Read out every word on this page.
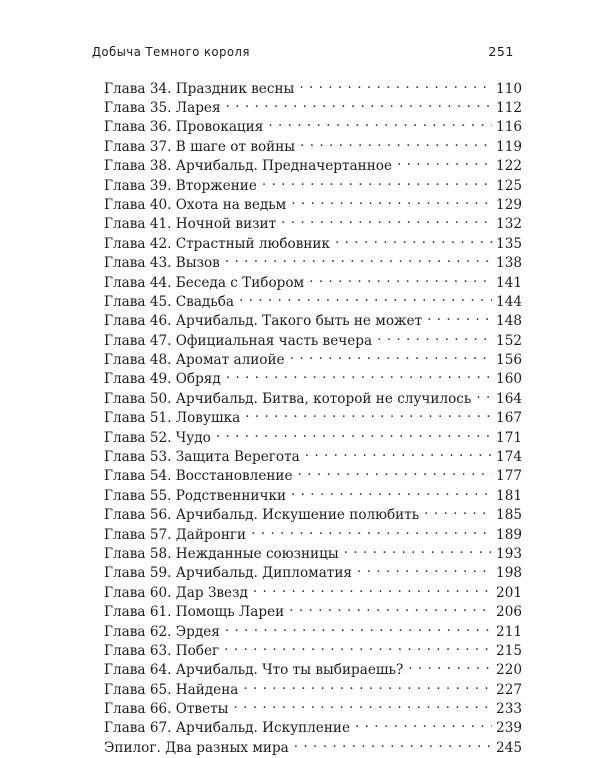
Добыча Темного короля	251
Глава 34. Праздник весны . . .	110
Глава 35. Ларея . . .	112
Глава 36. Провокация . . .	116
Глава 37. В шаге от войны . . .	119
Глава 38. Арчибальд. Предначертанное . . .	122
Глава 39. Вторжение . . .	125
Глава 40. Охота на ведьм . . .	129
Глава 41. Ночной визит . . .	132
Глава 42. Страстный любовник . . .	135
Глава 43. Вызов . . .	138
Глава 44. Беседа с Тибором . . .	141
Глава 45. Свадьба . . .	144
Глава 46. Арчибальд. Такого быть не может . . .	148
Глава 47. Официальная часть вечера . . .	152
Глава 48. Аромат алиойе . . .	156
Глава 49. Обряд . . .	160
Глава 50. Арчибальд. Битва, которой не случилось . . . 164
Глава 51. Ловушка . . .	167
Глава 52. Чудо . . .	171
Глава 53. Защита Верегота . . .	174
Глава 54. Восстановление . . .	177
Глава 55. Родственнички . . .	181
Глава 56. Арчибальд. Искушение полюбить . . .	185
Глава 57. Дайронги . . .	189
Глава 58. Нежданные союзницы . . .	193
Глава 59. Арчибальд. Дипломатия . . .	198
Глава 60. Дар Звезд . . .	201
Глава 61. Помощь Лареи . . .	206
Глава 62. Эрдея . . .	211
Глава 63. Побег . . .	215
Глава 64. Арчибальд. Что ты выбираешь? . . .	220
Глава 65. Найдена . . .	227
Глава 66. Ответы . . .	233
Глава 67. Арчибальд. Искупление . . .	239
Эпилог. Два разных мира . . .	245
